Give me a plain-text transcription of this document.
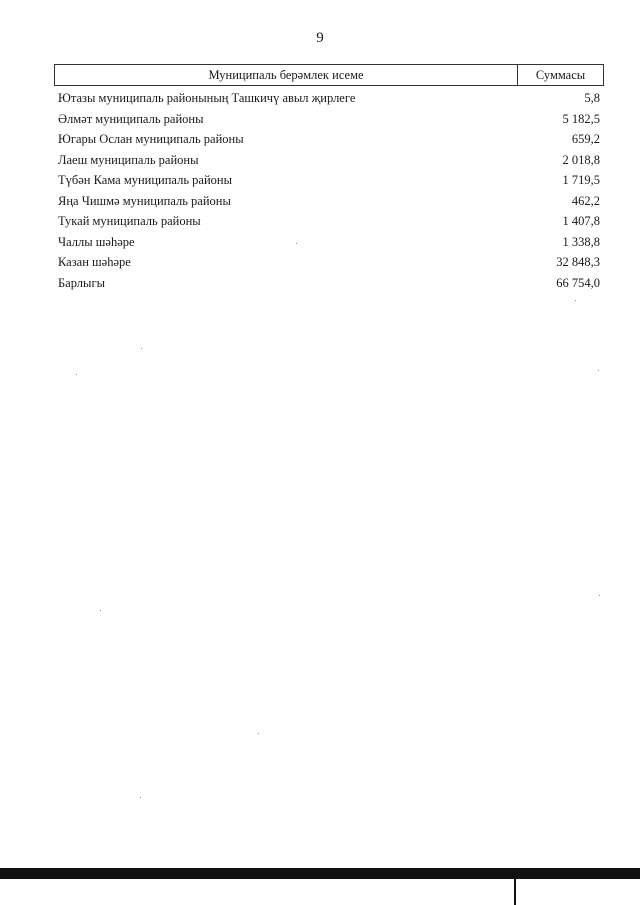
9
Муниципаль берәмлек исеме	Суммасы
Ютазы муниципаль районының Ташкичү авыл җирлеге	5,8
Әлмәт муниципаль районы	5 182,5
Югары Ослан муниципаль районы	659,2
Лаеш муниципаль районы	2 018,8
Түбән Кама муниципаль районы	1 719,5
Яңа Чишмә муниципаль районы	462,2
Тукай муниципаль районы	1 407,8
Чаллы шәһәре	1 338,8
Казан шәһәре	32 848,3
Барлыгы	66 754,0
